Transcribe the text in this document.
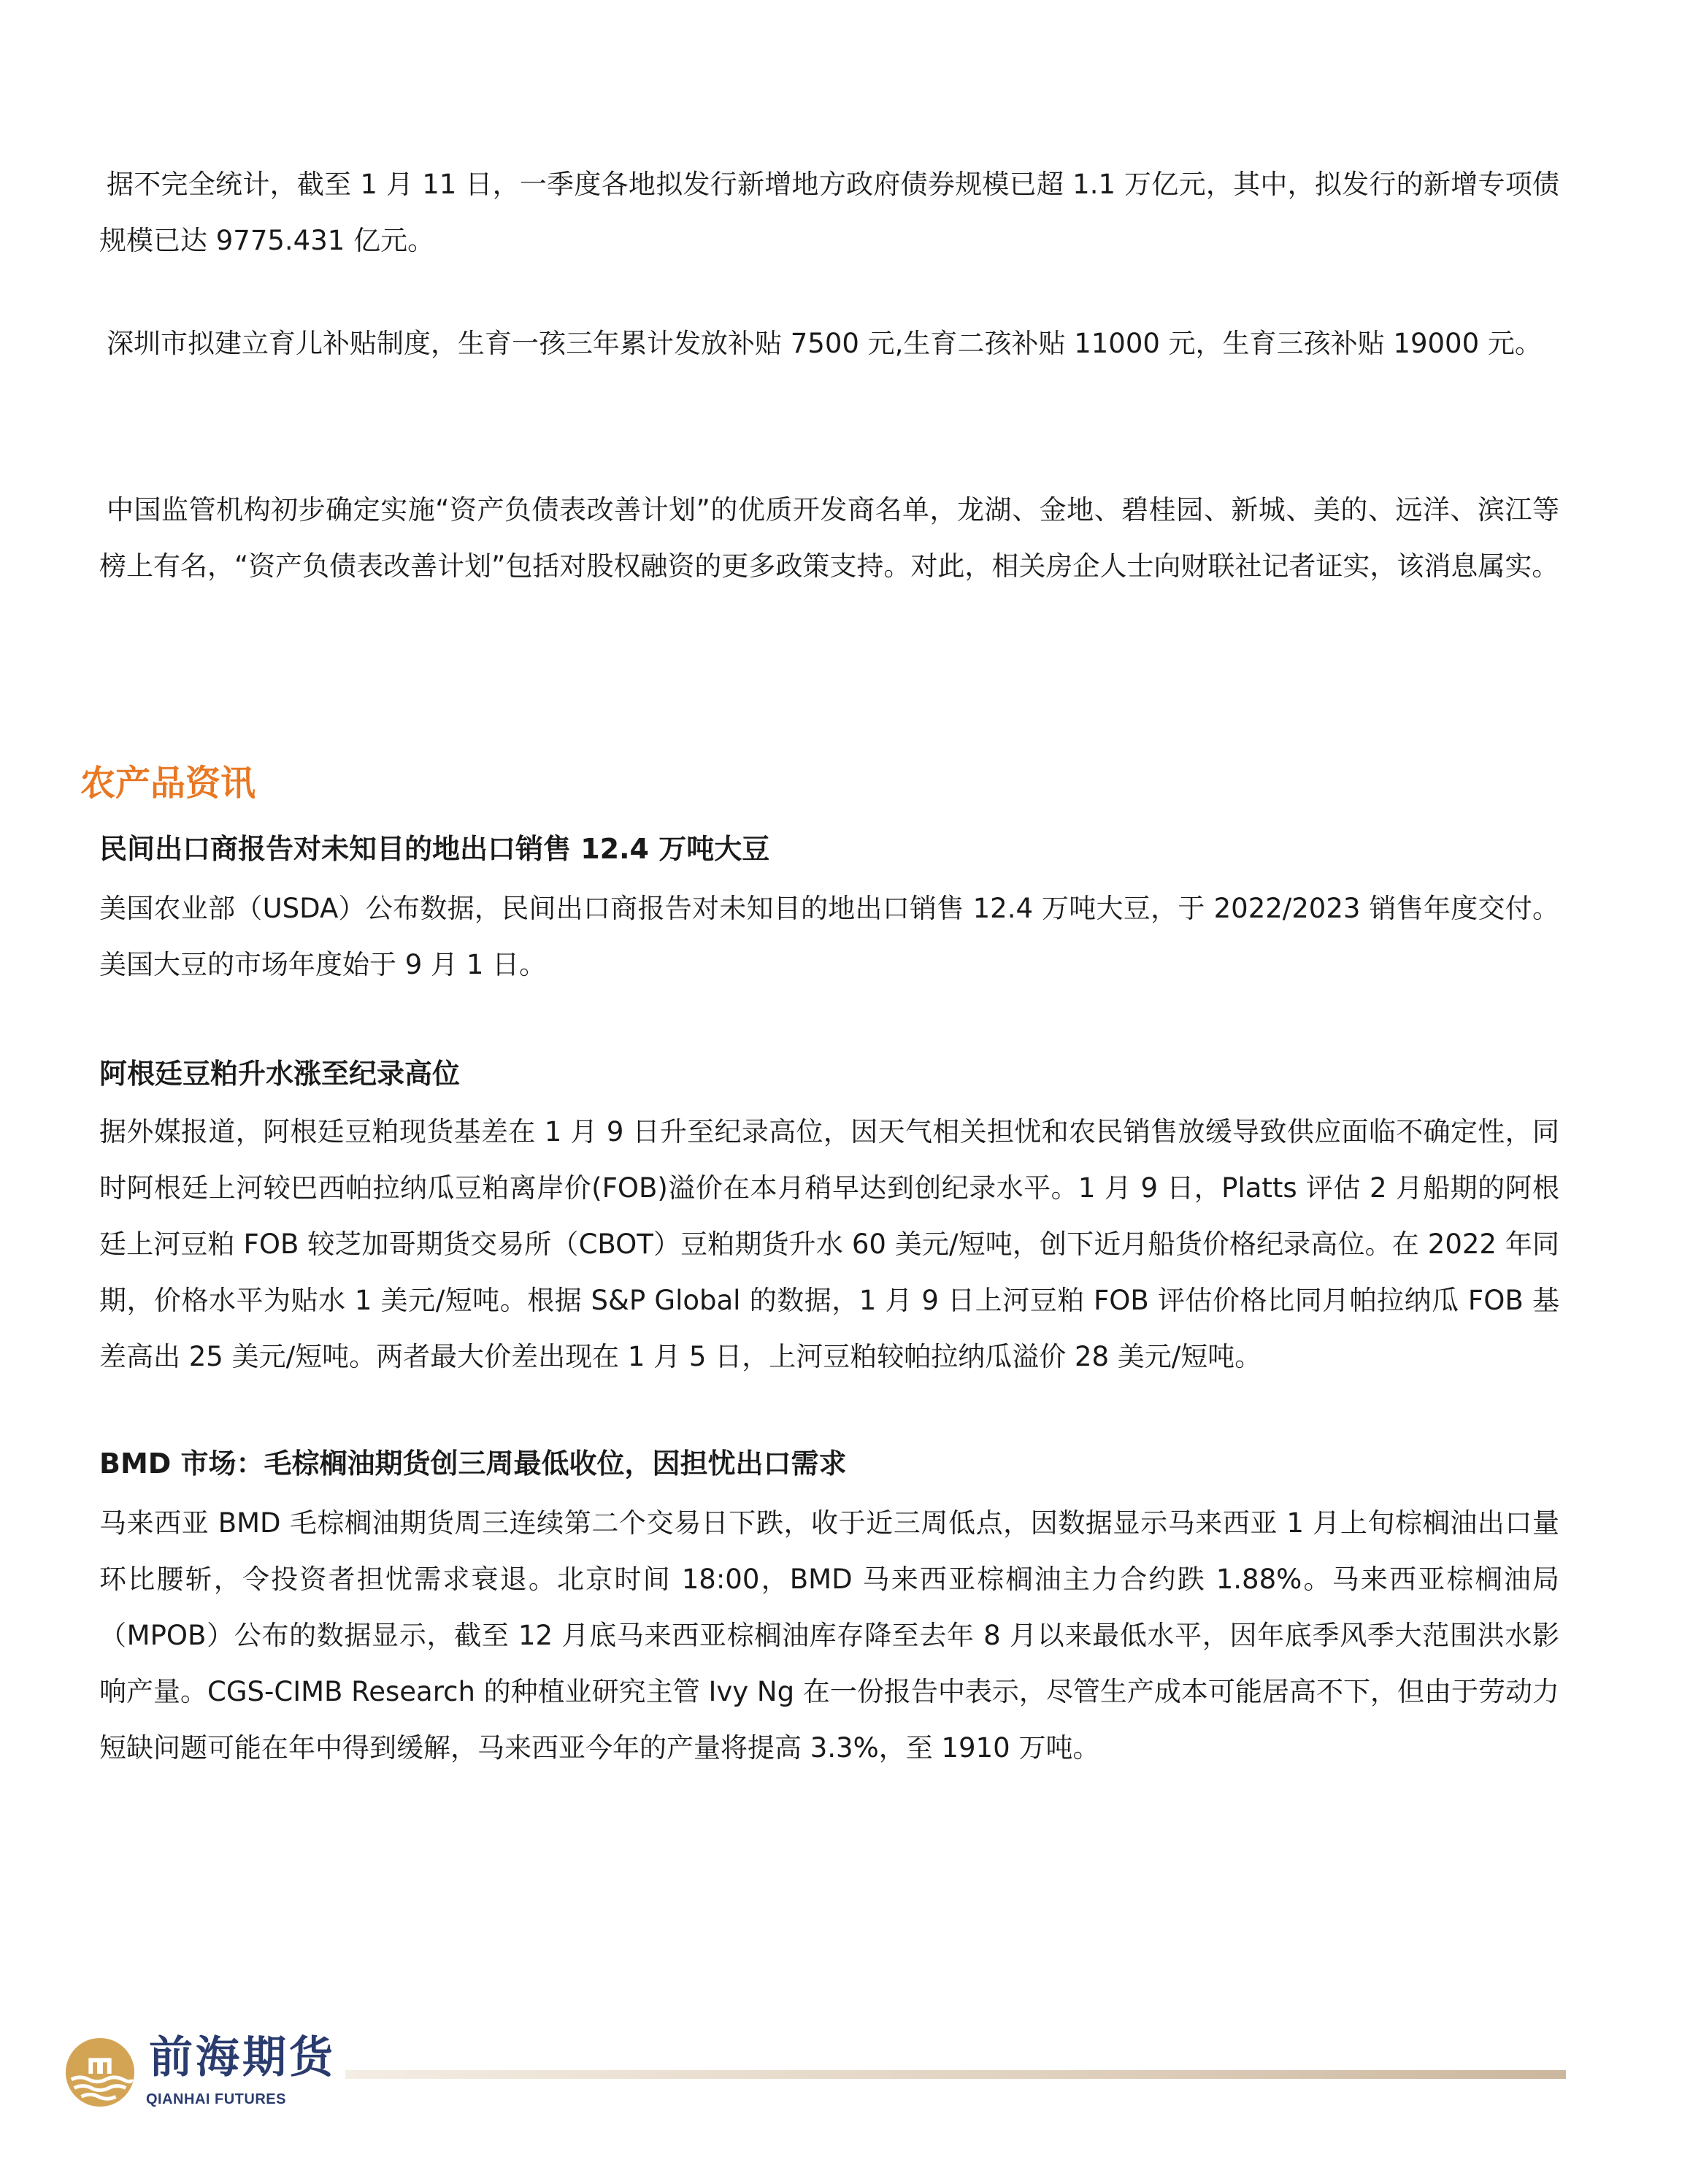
据不完全统计，截至 1 月 11 日，一季度各地拟发行新增地方政府债券规模已超 1.1 万亿元，其中，拟发行的新增专项债规模已达 9775.431 亿元。

深圳市拟建立育儿补贴制度，生育一孩三年累计发放补贴 7500 元,生育二孩补贴 11000 元，生育三孩补贴 19000 元。

中国监管机构初步确定实施“资产负债表改善计划”的优质开发商名单，龙湖、金地、碧桂园、新城、美的、远洋、滨江等榜上有名，“资产负债表改善计划”包括对股权融资的更多政策支持。对此，相关房企人士向财联社记者证实，该消息属实。

农产品资讯
民间出口商报告对未知目的地出口销售 12.4 万吨大豆

美国农业部（USDA）公布数据，民间出口商报告对未知目的地出口销售 12.4 万吨大豆，于 2022/2023 销售年度交付。美国大豆的市场年度始于 9 月 1 日。

阿根廷豆粕升水涨至纪录高位

据外媒报道，阿根廷豆粕现货基差在 1 月 9 日升至纪录高位，因天气相关担忧和农民销售放缓导致供应面临不确定性，同时阿根廷上河较巴西帕拉纳瓜豆粕离岸价(FOB)溢价在本月稍早达到创纪录水平。1 月 9 日，Platts 评估 2 月船期的阿根廷上河豆粕 FOB 较芝加哥期货交易所（CBOT）豆粕期货升水 60 美元/短吨，创下近月船货价格纪录高位。在 2022 年同期，价格水平为贴水 1 美元/短吨。根据 S&P Global 的数据，1 月 9 日上河豆粕 FOB 评估价格比同月帕拉纳瓜 FOB 基差高出 25 美元/短吨。两者最大价差出现在 1 月 5 日，上河豆粕较帕拉纳瓜溢价 28 美元/短吨。

BMD 市场：毛棕榈油期货创三周最低收位，因担忧出口需求

马来西亚 BMD 毛棕榈油期货周三连续第二个交易日下跌，收于近三周低点，因数据显示马来西亚 1 月上旬棕榈油出口量环比腰斩，令投资者担忧需求衰退。北京时间 18:00，BMD 马来西亚棕榈油主力合约跌 1.88%。马来西亚棕榈油局（MPOB）公布的数据显示，截至 12 月底马来西亚棕榈油库存降至去年 8 月以来最低水平，因年底季风季大范围洪水影响产量。CGS-CIMB Research 的种植业研究主管 Ivy Ng 在一份报告中表示，尽管生产成本可能居高不下，但由于劳动力短缺问题可能在年中得到缓解，马来西亚今年的产量将提高 3.3%，至 1910 万吨。

前海期货
QIANHAI FUTURES
